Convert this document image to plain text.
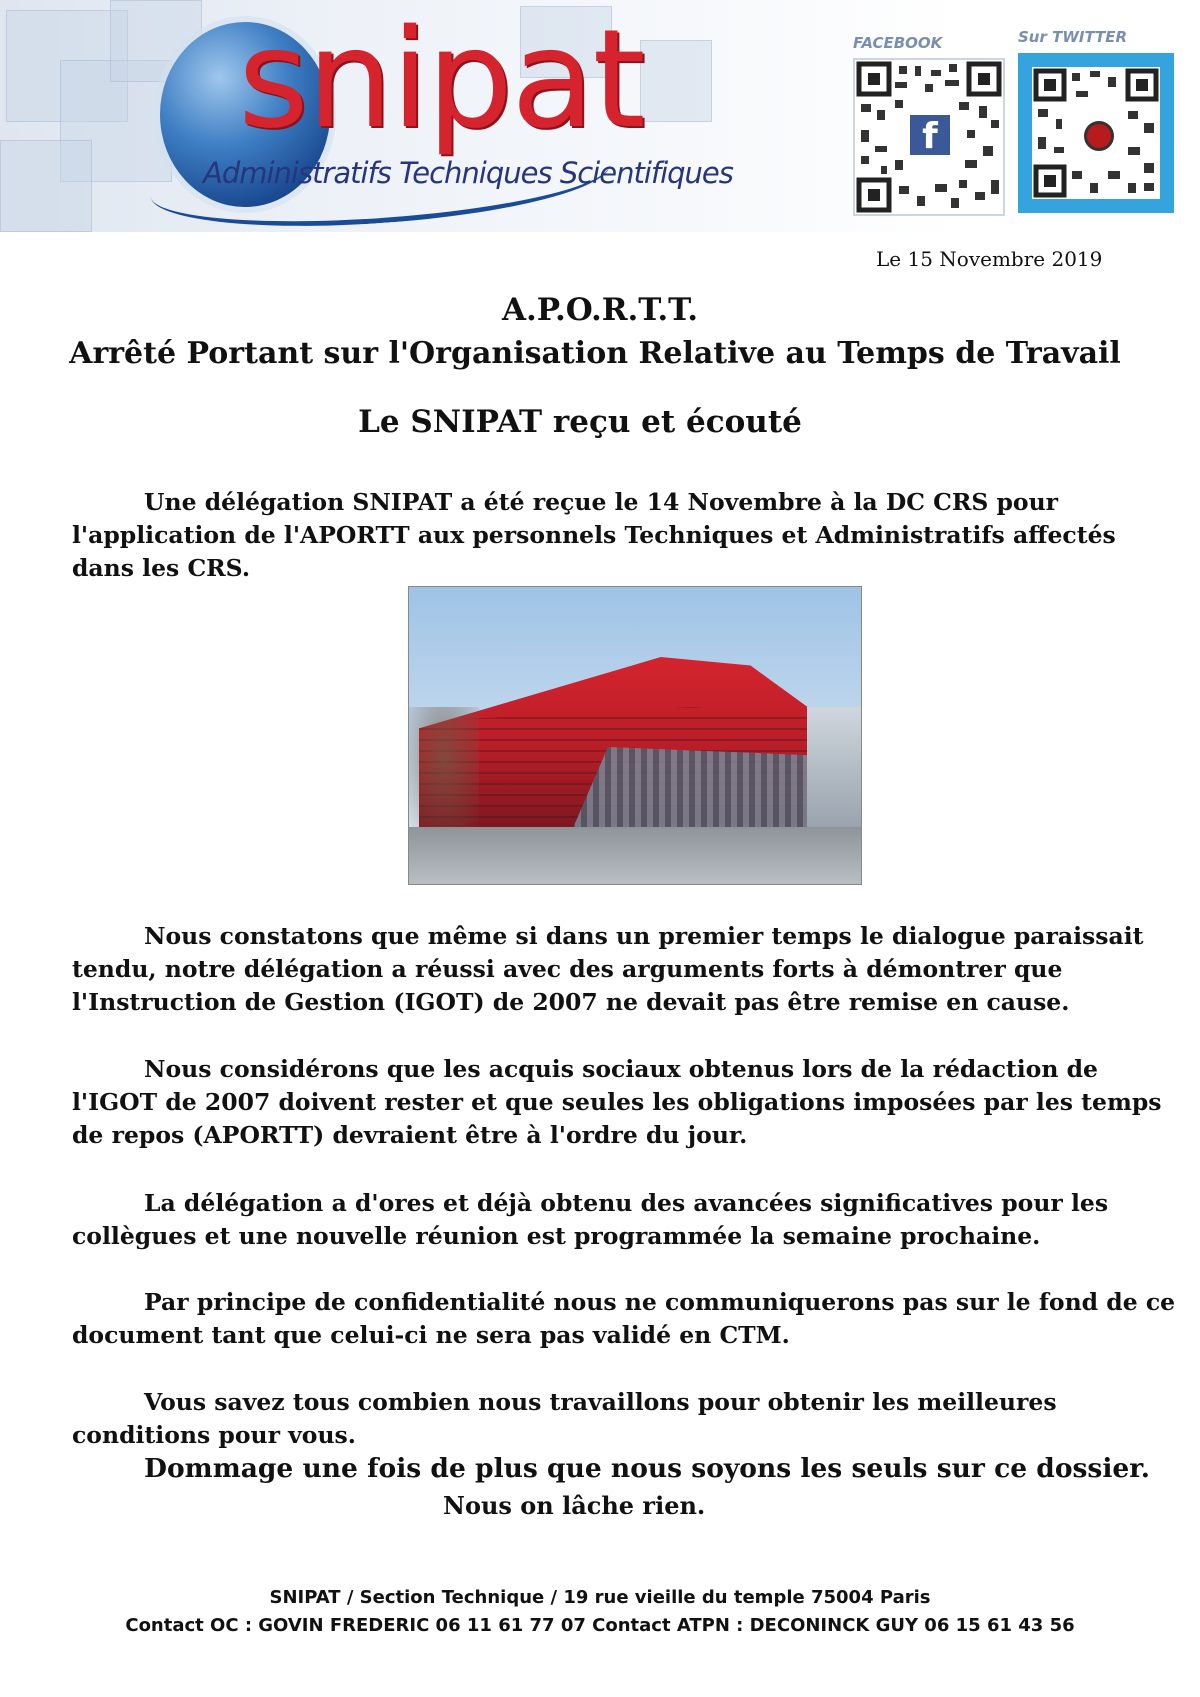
snipat
Administratifs Techniques Scientifiques
FACEBOOK	Sur TWITTER
f
Le 15 Novembre 2019
A.P.O.R.T.T.
Arrêté Portant sur l'Organisation Relative au Temps de Travail
Le SNIPAT reçu et écouté

Une délégation SNIPAT a été reçue le 14 Novembre à la DC CRS pour l'application de l'APORTT aux personnels Techniques et Administratifs affectés dans les CRS.

Nous constatons que même si dans un premier temps le dialogue paraissait tendu, notre délégation a réussi avec des arguments forts à démontrer que l'Instruction de Gestion (IGOT) de 2007 ne devait pas être remise en cause.

Nous considérons que les acquis sociaux obtenus lors de la rédaction de l'IGOT de 2007 doivent rester et que seules les obligations imposées par les temps de repos (APORTT) devraient être à l'ordre du jour.

La délégation a d'ores et déjà obtenu des avancées significatives pour les collègues et une nouvelle réunion est programmée la semaine prochaine.

Par principe de confidentialité nous ne communiquerons pas sur le fond de ce document tant que celui-ci ne sera pas validé en CTM.

Vous savez tous combien nous travaillons pour obtenir les meilleures conditions pour vous.

Dommage une fois de plus que nous soyons les seuls sur ce dossier.
Nous on lâche rien.
SNIPAT / Section Technique / 19 rue vieille du temple 75004 Paris
Contact OC : GOVIN FREDERIC 06 11 61 77 07 Contact ATPN : DECONINCK GUY 06 15 61 43 56
